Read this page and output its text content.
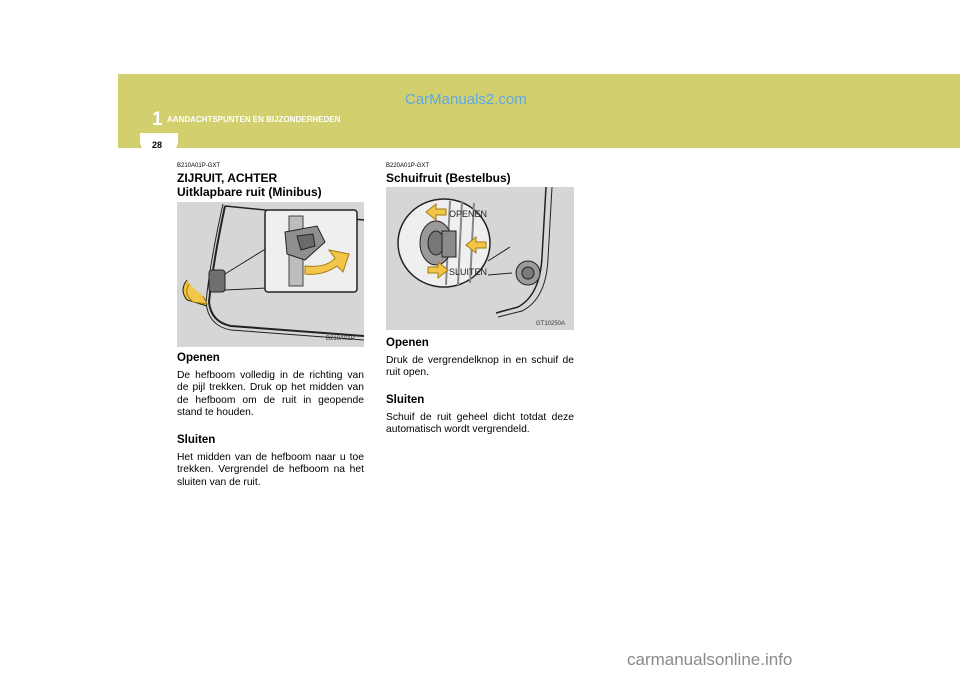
CarManuals2.com
1 AANDACHTSPUNTEN EN BIJZONDERHEDEN
28
B210A01P-GXT
ZIJRUIT, ACHTER
Uitklapbare ruit (Minibus)
B210A01P
Openen
De hefboom volledig in de richting van de pijl trekken. Druk op het midden van de hefboom om de ruit in geopende stand te houden.
Sluiten
Het midden van de hefboom naar u toe trekken. Vergrendel de hefboom na het sluiten van de ruit.
B220A01P-GXT
Schuifruit (Bestelbus)
OPENEN
SLUITEN
GT10250A
Openen
Druk de vergrendelknop in en schuif de ruit open.
Sluiten
Schuif de ruit geheel dicht totdat deze automatisch wordt vergrendeld.
carmanualsonline.info
